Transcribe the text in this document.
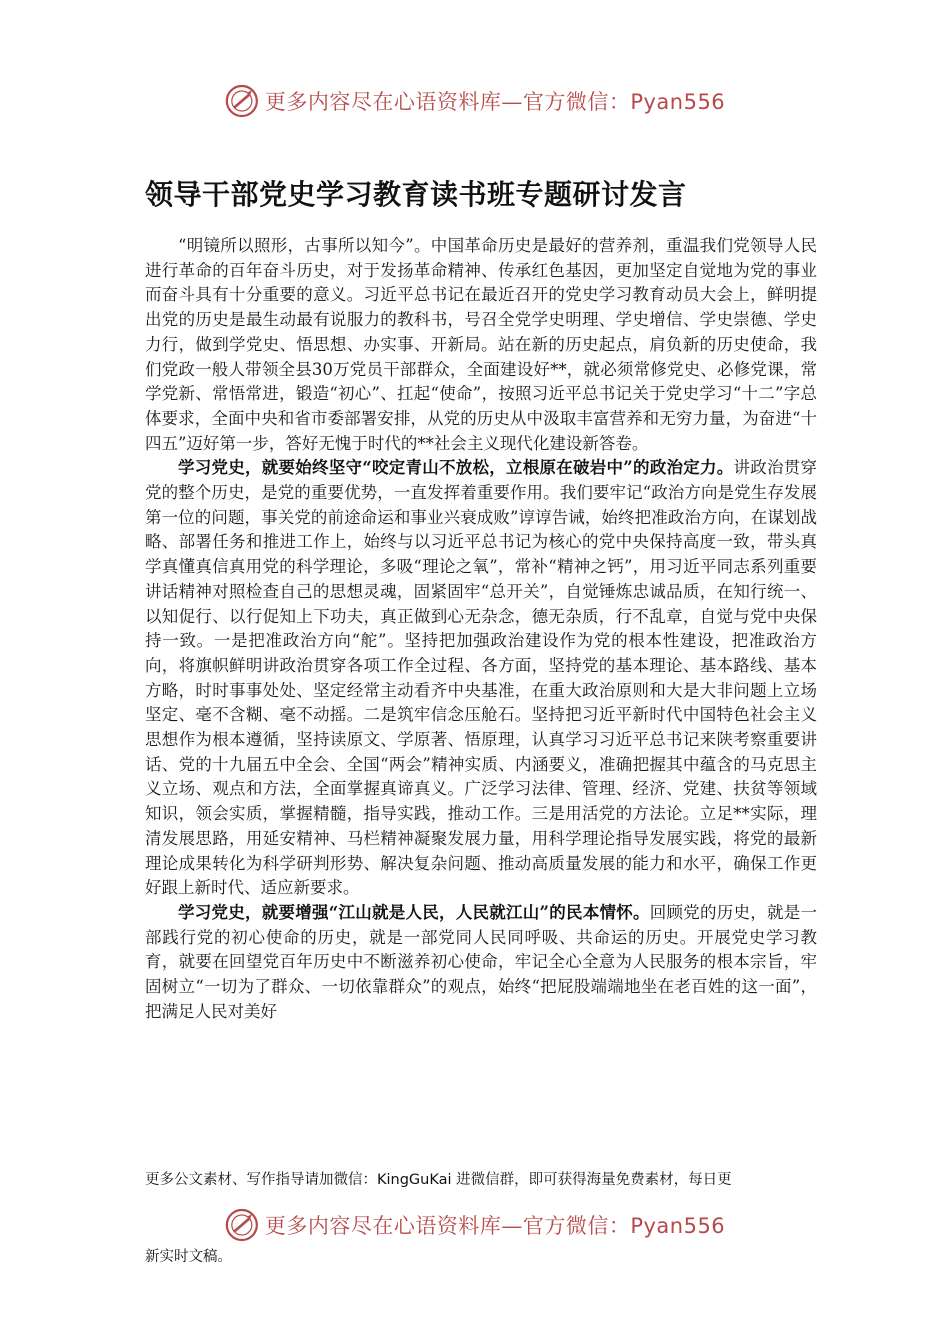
更多内容尽在心语资料库—官方微信：Pyan556
领导干部党史学习教育读书班专题研讨发言

“明镜所以照形，古事所以知今”。中国革命历史是最好的营养剂，重温我们党领导人民进行革命的百年奋斗历史，对于发扬革命精神、传承红色基因，更加坚定自觉地为党的事业而奋斗具有十分重要的意义。习近平总书记在最近召开的党史学习教育动员大会上，鲜明提出党的历史是最生动最有说服力的教科书，号召全党学史明理、学史增信、学史崇德、学史力行，做到学党史、悟思想、办实事、开新局。站在新的历史起点，肩负新的历史使命，我们党政一般人带领全县30万党员干部群众，全面建设好**，就必须常修党史、必修党课，常学党新、常悟常进，锻造“初心”、扛起“使命”，按照习近平总书记关于党史学习“十二”字总体要求，全面中央和省市委部署安排，从党的历史从中汲取丰富营养和无穷力量，为奋进“十四五”迈好第一步，答好无愧于时代的**社会主义现代化建设新答卷。

学习党史，就要始终坚守“咬定青山不放松，立根原在破岩中”的政治定力。讲政治贯穿党的整个历史，是党的重要优势，一直发挥着重要作用。我们要牢记“政治方向是党生存发展第一位的问题，事关党的前途命运和事业兴衰成败”谆谆告诫，始终把准政治方向，在谋划战略、部署任务和推进工作上，始终与以习近平总书记为核心的党中央保持高度一致，带头真学真懂真信真用党的科学理论，多吸“理论之氧”，常补“精神之钙”，用习近平同志系列重要讲话精神对照检查自己的思想灵魂，固紧固牢“总开关”，自觉锤炼忠诚品质，在知行统一、以知促行、以行促知上下功夫，真正做到心无杂念，德无杂质，行不乱章，自觉与党中央保持一致。一是把准政治方向“舵”。坚持把加强政治建设作为党的根本性建设，把准政治方向，将旗帜鲜明讲政治贯穿各项工作全过程、各方面，坚持党的基本理论、基本路线、基本方略，时时事事处处、坚定经常主动看齐中央基准，在重大政治原则和大是大非问题上立场坚定、毫不含糊、毫不动摇。二是筑牢信念压舱石。坚持把习近平新时代中国特色社会主义思想作为根本遵循，坚持读原文、学原著、悟原理，认真学习习近平总书记来陕考察重要讲话、党的十九届五中全会、全国“两会”精神实质、内涵要义，准确把握其中蕴含的马克思主义立场、观点和方法，全面掌握真谛真义。广泛学习法律、管理、经济、党建、扶贫等领域知识，领会实质，掌握精髓，指导实践，推动工作。三是用活党的方法论。立足**实际，理清发展思路，用延安精神、马栏精神凝聚发展力量，用科学理论指导发展实践，将党的最新理论成果转化为科学研判形势、解决复杂问题、推动高质量发展的能力和水平，确保工作更好跟上新时代、适应新要求。

学习党史，就要增强“江山就是人民，人民就江山”的民本情怀。回顾党的历史，就是一部践行党的初心使命的历史，就是一部党同人民同呼吸、共命运的历史。开展党史学习教育，就要在回望党百年历史中不断滋养初心使命，牢记全心全意为人民服务的根本宗旨，牢固树立“一切为了群众、一切依靠群众”的观点，始终“把屁股端端地坐在老百姓的这一面”，把满足人民对美好

更多公文素材、写作指导请加微信：KingGuKai 进微信群，即可获得海量免费素材，每日更
更多内容尽在心语资料库—官方微信：Pyan556
新实时文稿。
